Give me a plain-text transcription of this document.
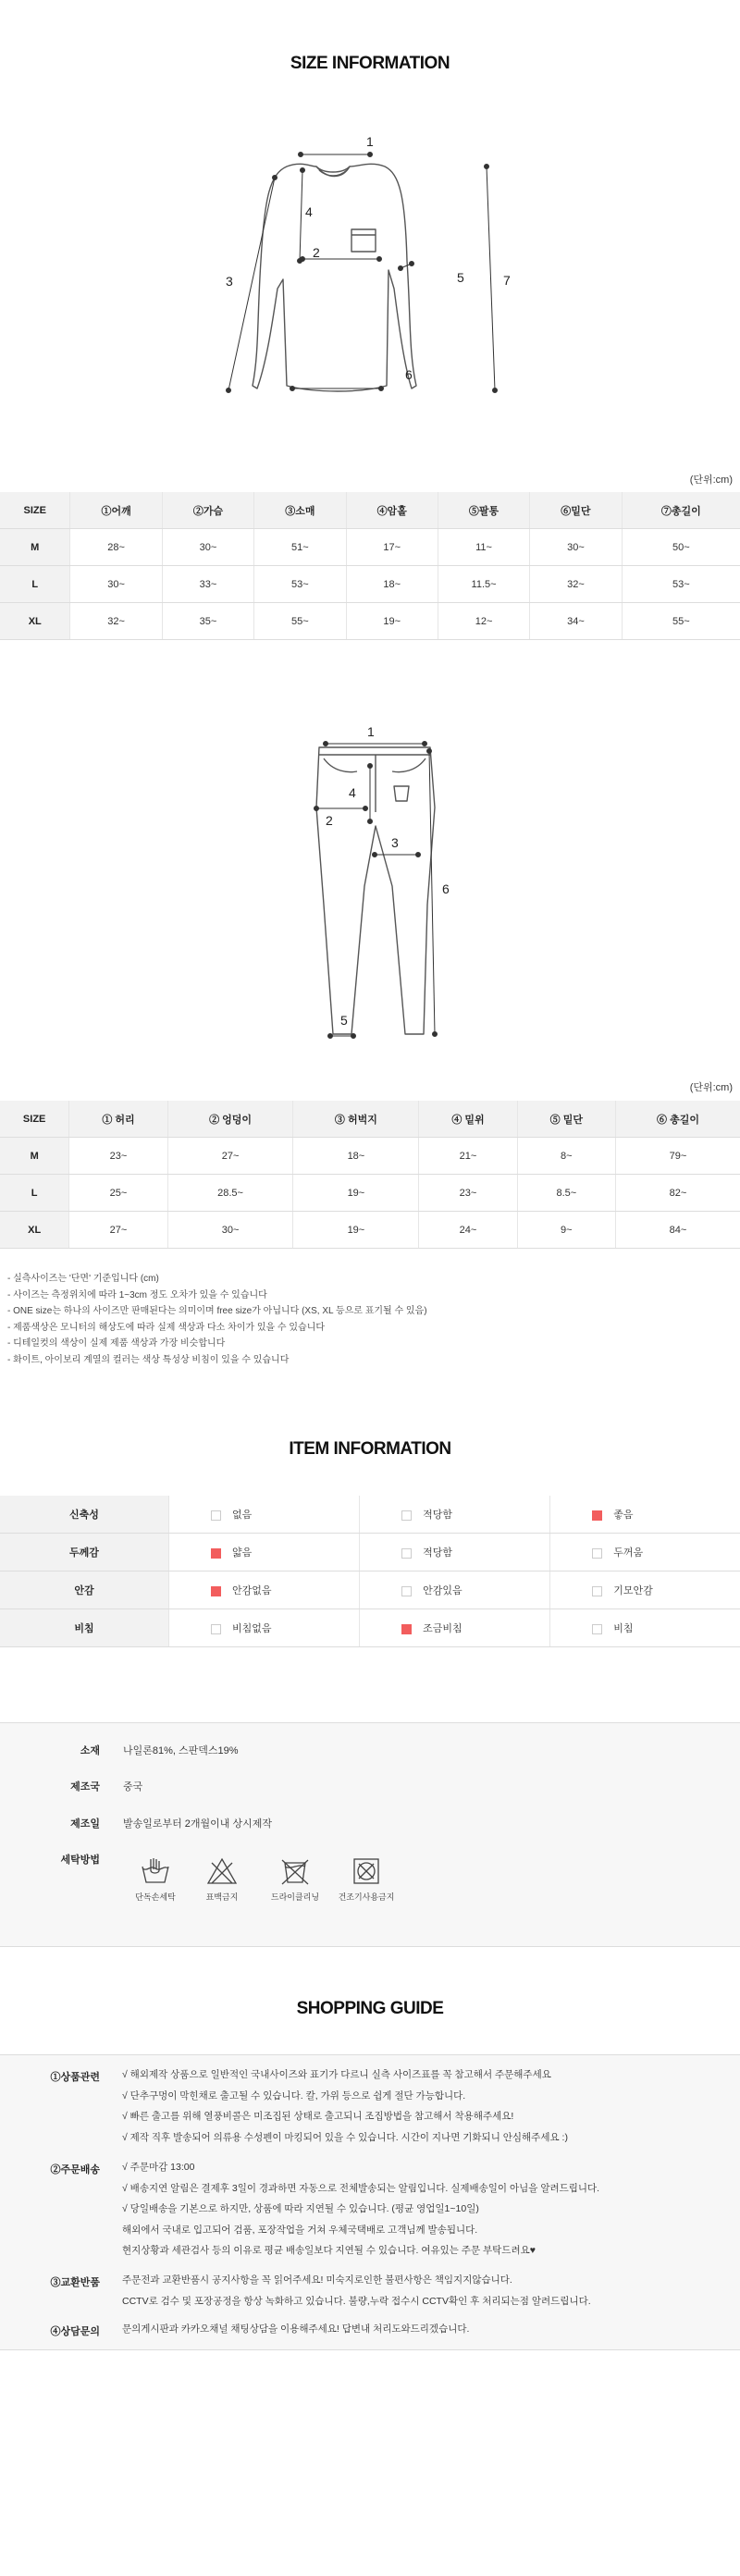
SIZE INFORMATION
1
2
3
4
5
6
7
(단위:cm)
SIZE	①어깨	②가슴	③소매	④암홀	⑤팔통	⑥밑단	⑦총길이
M	28~	30~	51~	17~	11~	30~	50~
L	30~	33~	53~	18~	11.5~	32~	53~
XL	32~	35~	55~	19~	12~	34~	55~
1
2
3
4
5
6
(단위:cm)
SIZE	① 허리	② 엉덩이	③ 허벅지	④ 밑위	⑤ 밑단	⑥ 총길이
M	23~	27~	18~	21~	8~	79~
L	25~	28.5~	19~	23~	8.5~	82~
XL	27~	30~	19~	24~	9~	84~
- 실측사이즈는 '단면' 기준입니다 (cm)
- 사이즈는 측정위치에 따라 1~3cm 정도 오차가 있을 수 있습니다
- ONE size는 하나의 사이즈만 판매된다는 의미이며 free size가 아닙니다 (XS, XL 등으로 표기될 수 있음)
- 제품색상은 모니터의 해상도에 따라 실제 색상과 다소 차이가 있을 수 있습니다
- 디테일컷의 색상이 실제 제품 색상과 가장 비슷합니다
- 화이트, 아이보리 계열의 컬러는 색상 특성상 비침이 있을 수 있습니다
ITEM INFORMATION
신축성	없음	적당함	좋음
두께감	얇음	적당함	두꺼움
안감	안감없음	안감있음	기모안감
비침	비침없음	조금비침	비침
소재 나일론81%, 스판덱스19%
제조국 중국
제조일 발송일로부터 2개월이내 상시제작
세탁방법
단독손세탁	표백금지	드라이클리닝	건조기사용금지
SHOPPING GUIDE
①상품관련 √ 해외제작 상품으로 일반적인 국내사이즈와 표기가 다르니 실측 사이즈표를 꼭 참고해서 주문해주세요
√ 단추구멍이 막힌채로 출고될 수 있습니다. 칼, 가위 등으로 쉽게 절단 가능합니다.
√ 빠른 출고를 위해 열풍비콜은 미조집된 상태로 출고되니 조집방법을 참고해서 착용해주세요!
√ 제작 직후 발송되어 의류용 수성펜이 마킹되어 있을 수 있습니다. 시간이 지나면 기화되니 안심해주세요 :)
②주문배송 √ 주문마감 13:00
√ 배송지연 알림은 결제후 3일이 경과하면 자동으로 전체발송되는 알림입니다. 실제배송일이 아님을 알려드립니다.
√ 당일배송을 기본으로 하지만, 상품에 따라 지연될 수 있습니다. (평균 영업일1~10일)
해외에서 국내로 입고되어 검품, 포장작업을 거쳐 우체국택배로 고객님께 발송됩니다.
현지상황과 세관검사 등의 이유로 평균 배송일보다 지연될 수 있습니다. 여유있는 주문 부탁드려요♥
③교환반품 주문전과 교환반품시 공지사항을 꼭 읽어주세요! 미숙지로인한 불편사항은 책임지지않습니다.
CCTV로 검수 및 포장공정을 항상 녹화하고 있습니다. 불량,누락 접수시 CCTV확인 후 처리되는점 알려드립니다.
④상담문의 문의게시판과 카카오채널 채팅상담을 이용해주세요! 답변내 처리도와드리겠습니다.
